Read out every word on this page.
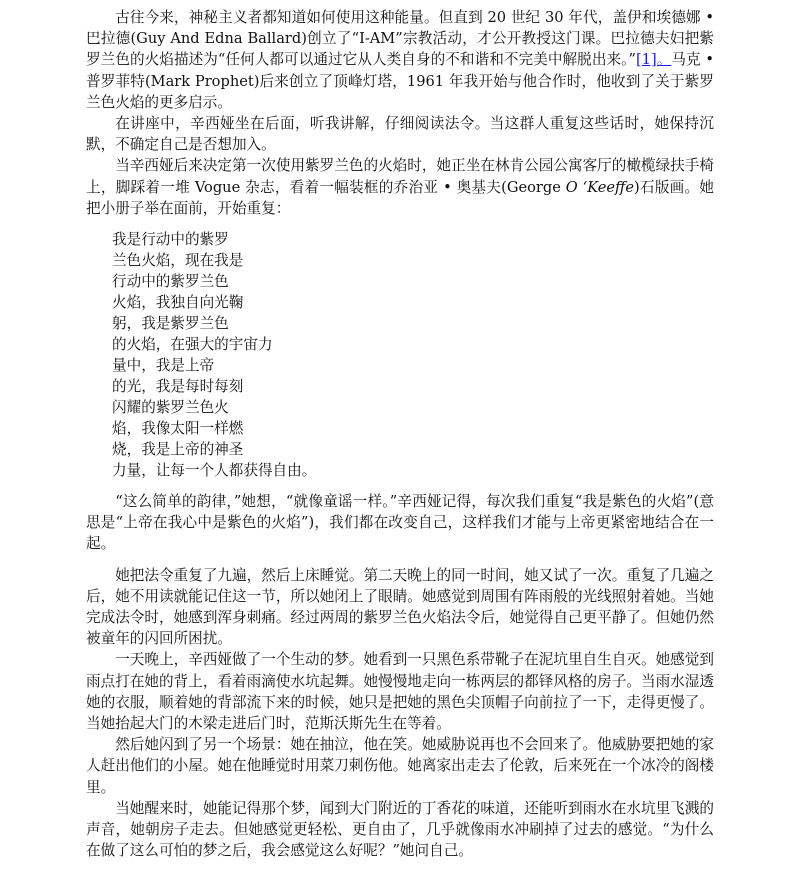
古往今来，神秘主义者都知道如何使用这种能量。但直到 20 世纪 30 年代，盖伊和埃德娜 • 巴拉德(Guy And Edna Ballard)创立了“I-AM”宗教活动，才公开教授这门课。巴拉德夫妇把紫罗兰色的火焰描述为“任何人都可以通过它从人类自身的不和谐和不完美中解脱出来。”[1]。马克 • 普罗菲特(Mark Prophet)后来创立了顶峰灯塔，1961 年我开始与他合作时，他收到了关于紫罗兰色火焰的更多启示。

在讲座中，辛西娅坐在后面，听我讲解，仔细阅读法令。当这群人重复这些话时，她保持沉默，不确定自己是否想加入。

当辛西娅后来决定第一次使用紫罗兰色的火焰时，她正坐在林肯公园公寓客厅的橄榄绿扶手椅上，脚踩着一堆 Vogue 杂志，看着一幅装框的乔治亚 • 奥基夫(George O ‘Keeffe)石版画。她把小册子举在面前，开始重复：

我是行动中的紫罗
兰色火焰，现在我是
行动中的紫罗兰色
火焰，我独自向光鞠
躬，我是紫罗兰色
的火焰，在强大的宇宙力
量中，我是上帝
的光，我是每时每刻
闪耀的紫罗兰色火
焰，我像太阳一样燃
烧，我是上帝的神圣
力量，让每一个人都获得自由。

“这么简单的韵律，”她想，“就像童谣一样。”辛西娅记得，每次我们重复“我是紫色的火焰”(意思是“上帝在我心中是紫色的火焰”)，我们都在改变自己，这样我们才能与上帝更紧密地结合在一起。

她把法令重复了九遍，然后上床睡觉。第二天晚上的同一时间，她又试了一次。重复了几遍之后，她不用读就能记住这一节，所以她闭上了眼睛。她感觉到周围有阵雨般的光线照射着她。当她完成法令时，她感到浑身刺痛。经过两周的紫罗兰色火焰法令后，她觉得自己更平静了。但她仍然被童年的闪回所困扰。

一天晚上，辛西娅做了一个生动的梦。她看到一只黑色系带靴子在泥坑里自生自灭。她感觉到雨点打在她的背上，看着雨滴使水坑起舞。她慢慢地走向一栋两层的都铎风格的房子。当雨水湿透她的衣服，顺着她的背部流下来的时候，她只是把她的黑色尖顶帽子向前拉了一下，走得更慢了。当她抬起大门的木梁走进后门时，范斯沃斯先生在等着。

然后她闪到了另一个场景：她在抽泣，他在笑。她威胁说再也不会回来了。他威胁要把她的家人赶出他们的小屋。她在他睡觉时用菜刀刺伤他。她离家出走去了伦敦，后来死在一个冰冷的阁楼里。

当她醒来时，她能记得那个梦，闻到大门附近的丁香花的味道，还能听到雨水在水坑里飞溅的声音，她朝房子走去。但她感觉更轻松、更自由了，几乎就像雨水冲刷掉了过去的感觉。“为什么在做了这么可怕的梦之后，我会感觉这么好呢？”她问自己。
